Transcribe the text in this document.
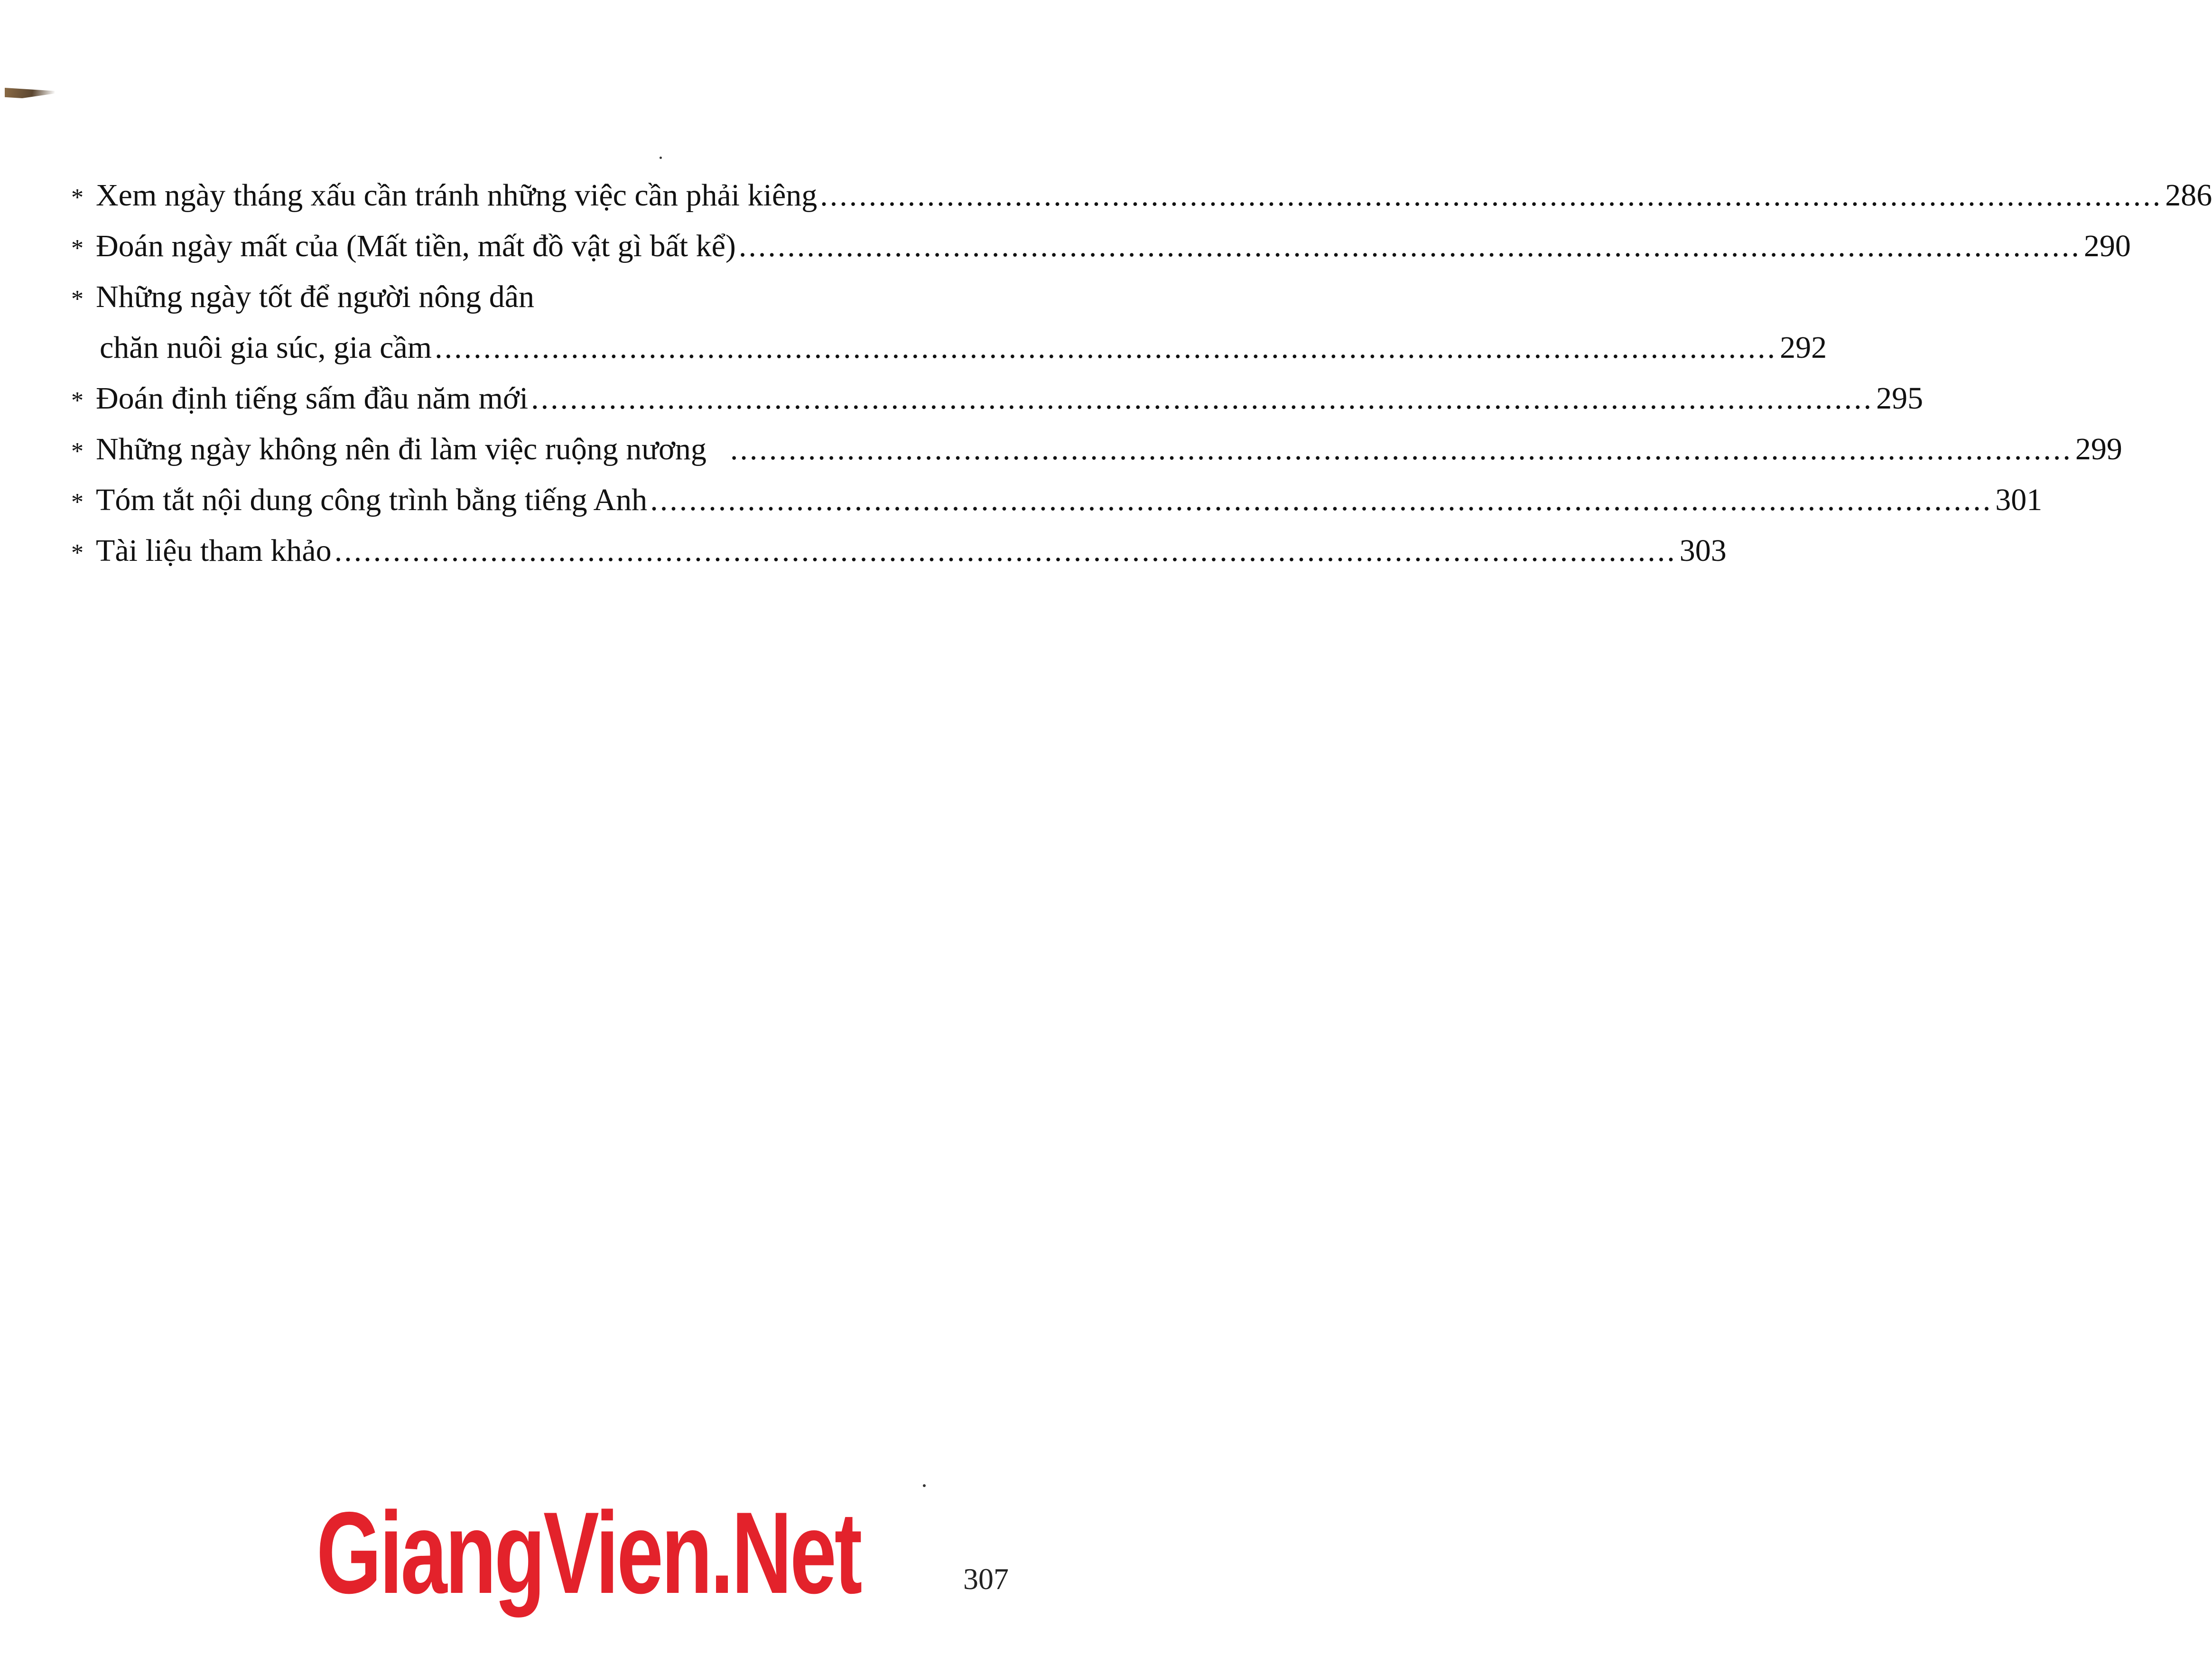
* Xem ngày tháng xấu cần tránh những việc cần phải kiêng .......................................................................................................................................... 286
* Đoán ngày mất của (Mất tiền, mất đồ vật gì bất kể) .......................................................................................................................................... 290
* Những ngày tốt để người nông dân
chăn nuôi gia súc, gia cầm .......................................................................................................................................... 292
* Đoán định tiếng sấm đầu năm mới .......................................................................................................................................... 295
* Những ngày không nên đi làm việc ruộng nương .......................................................................................................................................... 299
* Tóm tắt nội dung công trình bằng tiếng Anh .......................................................................................................................................... 301
* Tài liệu tham khảo .......................................................................................................................................... 303
GiangVien.Net	307
